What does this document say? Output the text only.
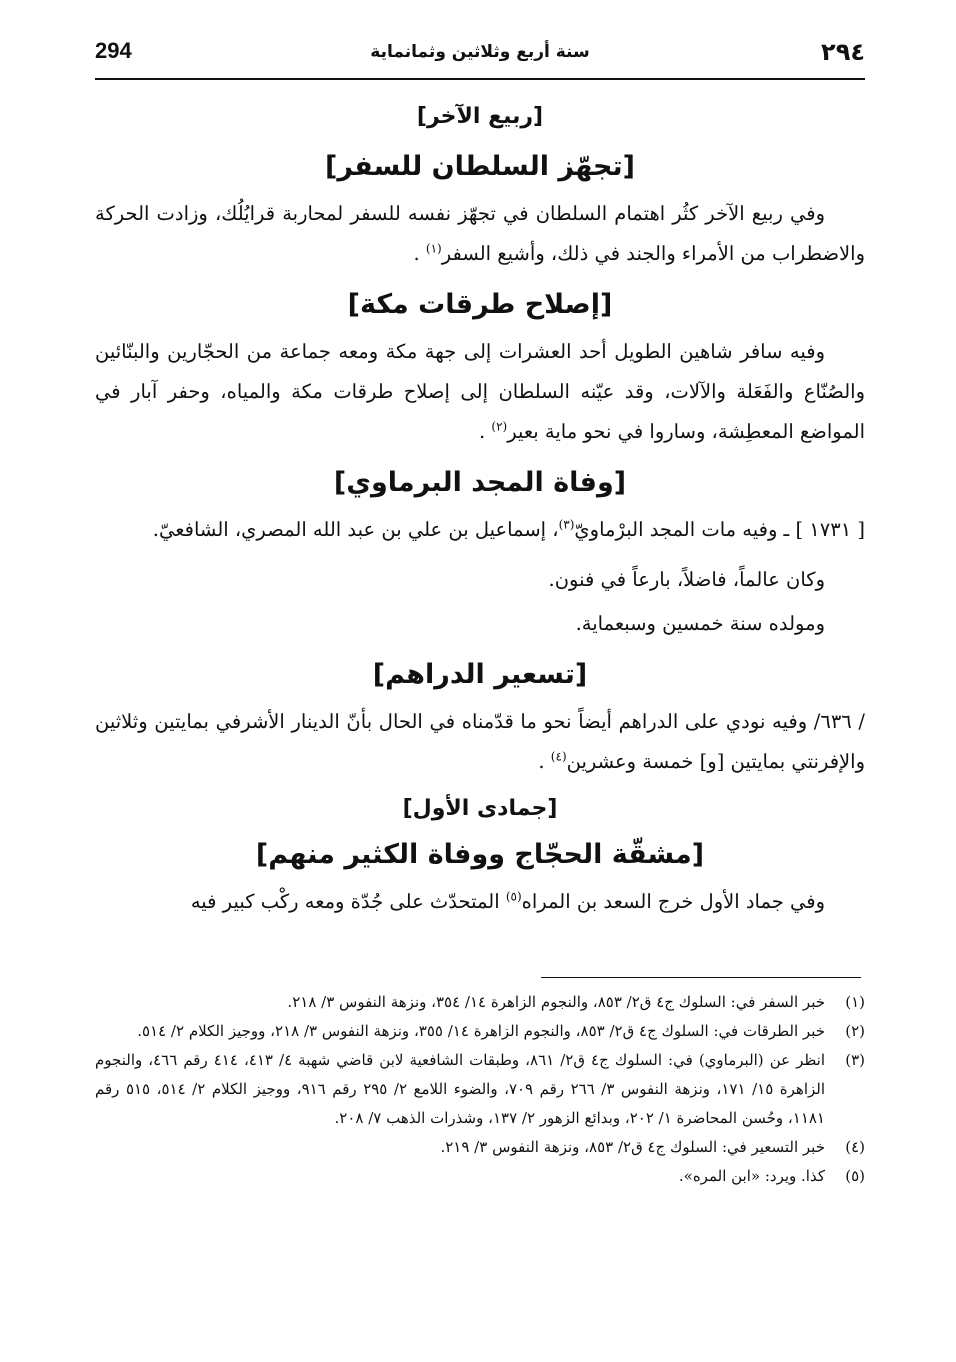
294	سنة أربع وثلاثين وثمانماية	٢٩٤
[ربيع الآخر]
[تجهّز السلطان للسفر]

وفي ربيع الآخر كثُر اهتمام السلطان في تجهّز نفسه للسفر لمحاربة قرايُلُك، وزادت الحركة والاضطراب من الأمراء والجند في ذلك، وأشيع السفر$^{(١)}$ .

[إصلاح طرقات مكة]

وفيه سافر شاهين الطويل أحد العشرات إلى جهة مكة ومعه جماعة من الحجّارين والبنّائين والصُنّاع والفَعَلة والآلات، وقد عيّنه السلطان إلى إصلاح طرقات مكة والمياه، وحفر آبار في المواضع المعطِشة، وساروا في نحو ماية بعير$^{(٢)}$ .

[وفاة المجد البرماوي]

[ ١٧٣١ ] ـ وفيه مات المجد البرْماويّ$^{(٣)}$، إسماعيل بن علي بن عبد الله المصري، الشافعيّ.

وكان عالماً، فاضلاً، بارعاً في فنون.

ومولده سنة خمسين وسبعماية.

[تسعير الدراهم]

/ ٦٣٦/ وفيه نودي على الدراهم أيضاً نحو ما قدّمناه في الحال بأنّ الدينار الأشرفي بمايتين وثلاثين والإفرنتي بمايتين [و] خمسة وعشرين$^{(٤)}$ .

[جمادى الأول]
[مشقّة الحجّاج ووفاة الكثير منهم]

وفي جماد الأول خرج السعد بن المراه$^{(٥)}$ المتحدّث على جُدّة ومعه ركْب كبير فيه

(١)
خبر السفر في: السلوك ج٤ ق٢/ ٨٥٣، والنجوم الزاهرة ١٤/ ٣٥٤، ونزهة النفوس ٣/ ٢١٨.
(٢)
خبر الطرقات في: السلوك ج٤ ق٢/ ٨٥٣، والنجوم الزاهرة ١٤/ ٣٥٥، ونزهة النفوس ٣/ ٢١٨، ووجيز الكلام ٢/ ٥١٤.
(٣)
انظر عن (البرماوي) في: السلوك ج٤ ق٢/ ٨٦١، وطبقات الشافعية لابن قاضي شهبة ٤/ ٤١٣، ٤١٤ رقم ٤٦٦، والنجوم الزاهرة ١٥/ ١٧١، ونزهة النفوس ٣/ ٢٦٦ رقم ٧٠٩، والضوء اللامع ٢/ ٢٩٥ رقم ٩١٦، ووجيز الكلام ٢/ ٥١٤، ٥١٥ رقم ١١٨١، وحُسن المحاضرة ١/ ٢٠٢، وبدائع الزهور ٢/ ١٣٧، وشذرات الذهب ٧/ ٢٠٨.
(٤)
خبر التسعير في: السلوك ج٤ ق٢/ ٨٥٣، ونزهة النفوس ٣/ ٢١٩.
(٥)
كذا. ويرد: «ابن المره».
